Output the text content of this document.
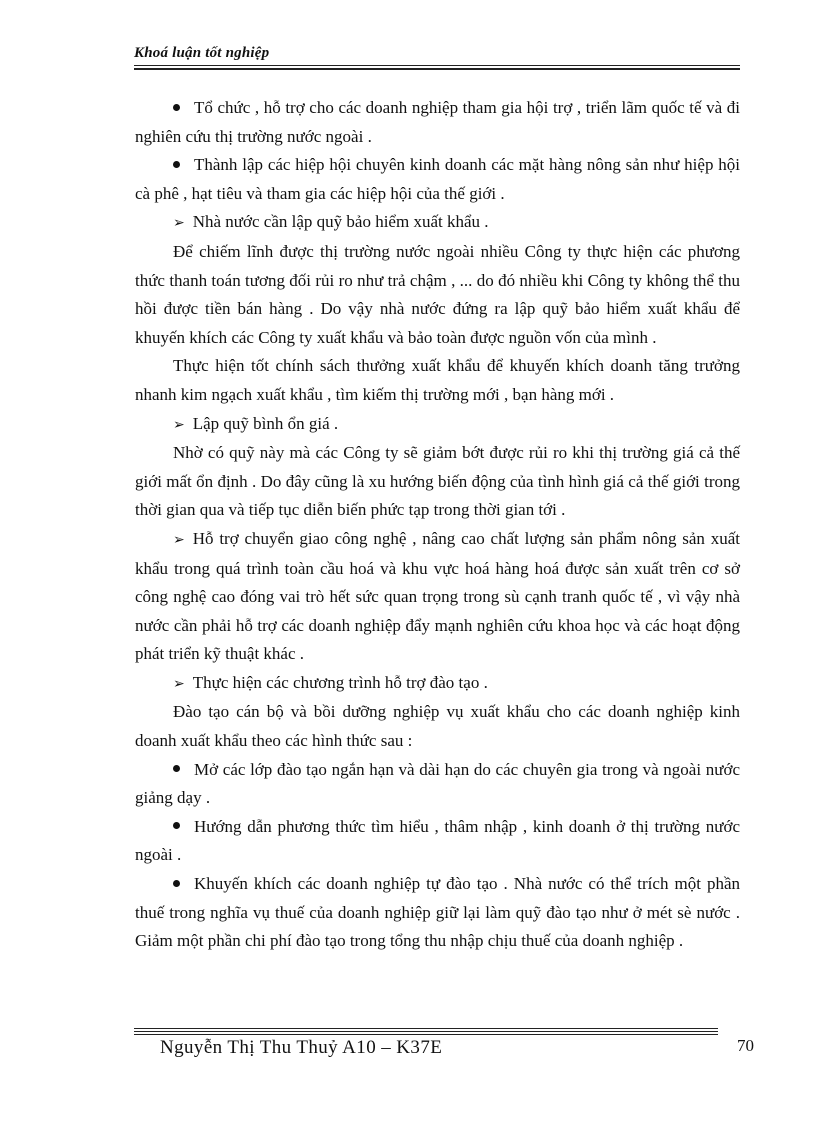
Khoá luận tốt nghiệp

Tổ chức , hỗ trợ cho các doanh nghiệp tham gia hội trợ , triển lãm quốc tế và đi nghiên cứu thị trường nước ngoài .

Thành lập các hiệp hội chuyên kinh doanh các mặt hàng nông sản như hiệp hội cà phê , hạt tiêu và tham gia các hiệp hội của thế giới .

➢ Nhà nước cần lập quỹ bảo hiểm xuất khẩu .

Để chiếm lĩnh được thị trường nước ngoài nhiều Công ty thực hiện các phương thức thanh toán tương đối rủi ro như trả chậm , ... do đó nhiều khi Công ty không thể thu hồi được tiền bán hàng . Do vậy nhà nước đứng ra lập quỹ bảo hiểm xuất khẩu để khuyến khích các Công ty xuất khẩu và bảo toàn được nguồn vốn của mình .

Thực hiện tốt chính sách thưởng xuất khẩu để khuyến khích doanh tăng trưởng nhanh kim ngạch xuất khẩu , tìm kiếm thị trường mới , bạn hàng mới .

➢ Lập quỹ bình ổn giá .

Nhờ có quỹ này mà các Công ty sẽ giảm bớt được rủi ro khi thị trường giá cả thế giới mất ổn định . Do đây cũng là xu hướng biến động của tình hình giá cả thế giới trong thời gian qua và tiếp tục diễn biến phức tạp trong thời gian tới .

➢ Hỗ trợ chuyển giao công nghệ , nâng cao chất lượng sản phẩm nông sản xuất khẩu trong quá trình toàn cầu hoá và khu vực hoá hàng hoá được sản xuất trên cơ sở công nghệ cao đóng vai trò hết sức quan trọng trong sù cạnh tranh quốc tế , vì vậy nhà nước cần phải hỗ trợ các doanh nghiệp đẩy mạnh nghiên cứu khoa học và các hoạt động phát triển kỹ thuật khác .

➢ Thực hiện các chương trình hỗ trợ đào tạo .

Đào tạo cán bộ và bồi dưỡng nghiệp vụ xuất khẩu cho các doanh nghiệp kinh doanh xuất khẩu theo các hình thức sau :

Mở các lớp đào tạo ngắn hạn và dài hạn do các chuyên gia trong và ngoài nước giảng dạy .

Hướng dẫn phương thức tìm hiểu , thâm nhập , kinh doanh ở thị trường nước ngoài .

Khuyến khích các doanh nghiệp tự đào tạo . Nhà nước có thể trích một phần thuế trong nghĩa vụ thuế của doanh nghiệp giữ lại làm quỹ đào tạo như ở mét sè nước . Giảm một phần chi phí đào tạo trong tổng thu nhập chịu thuế của doanh nghiệp .

Nguyễn Thị Thu Thuỷ A10 – K37E	70
